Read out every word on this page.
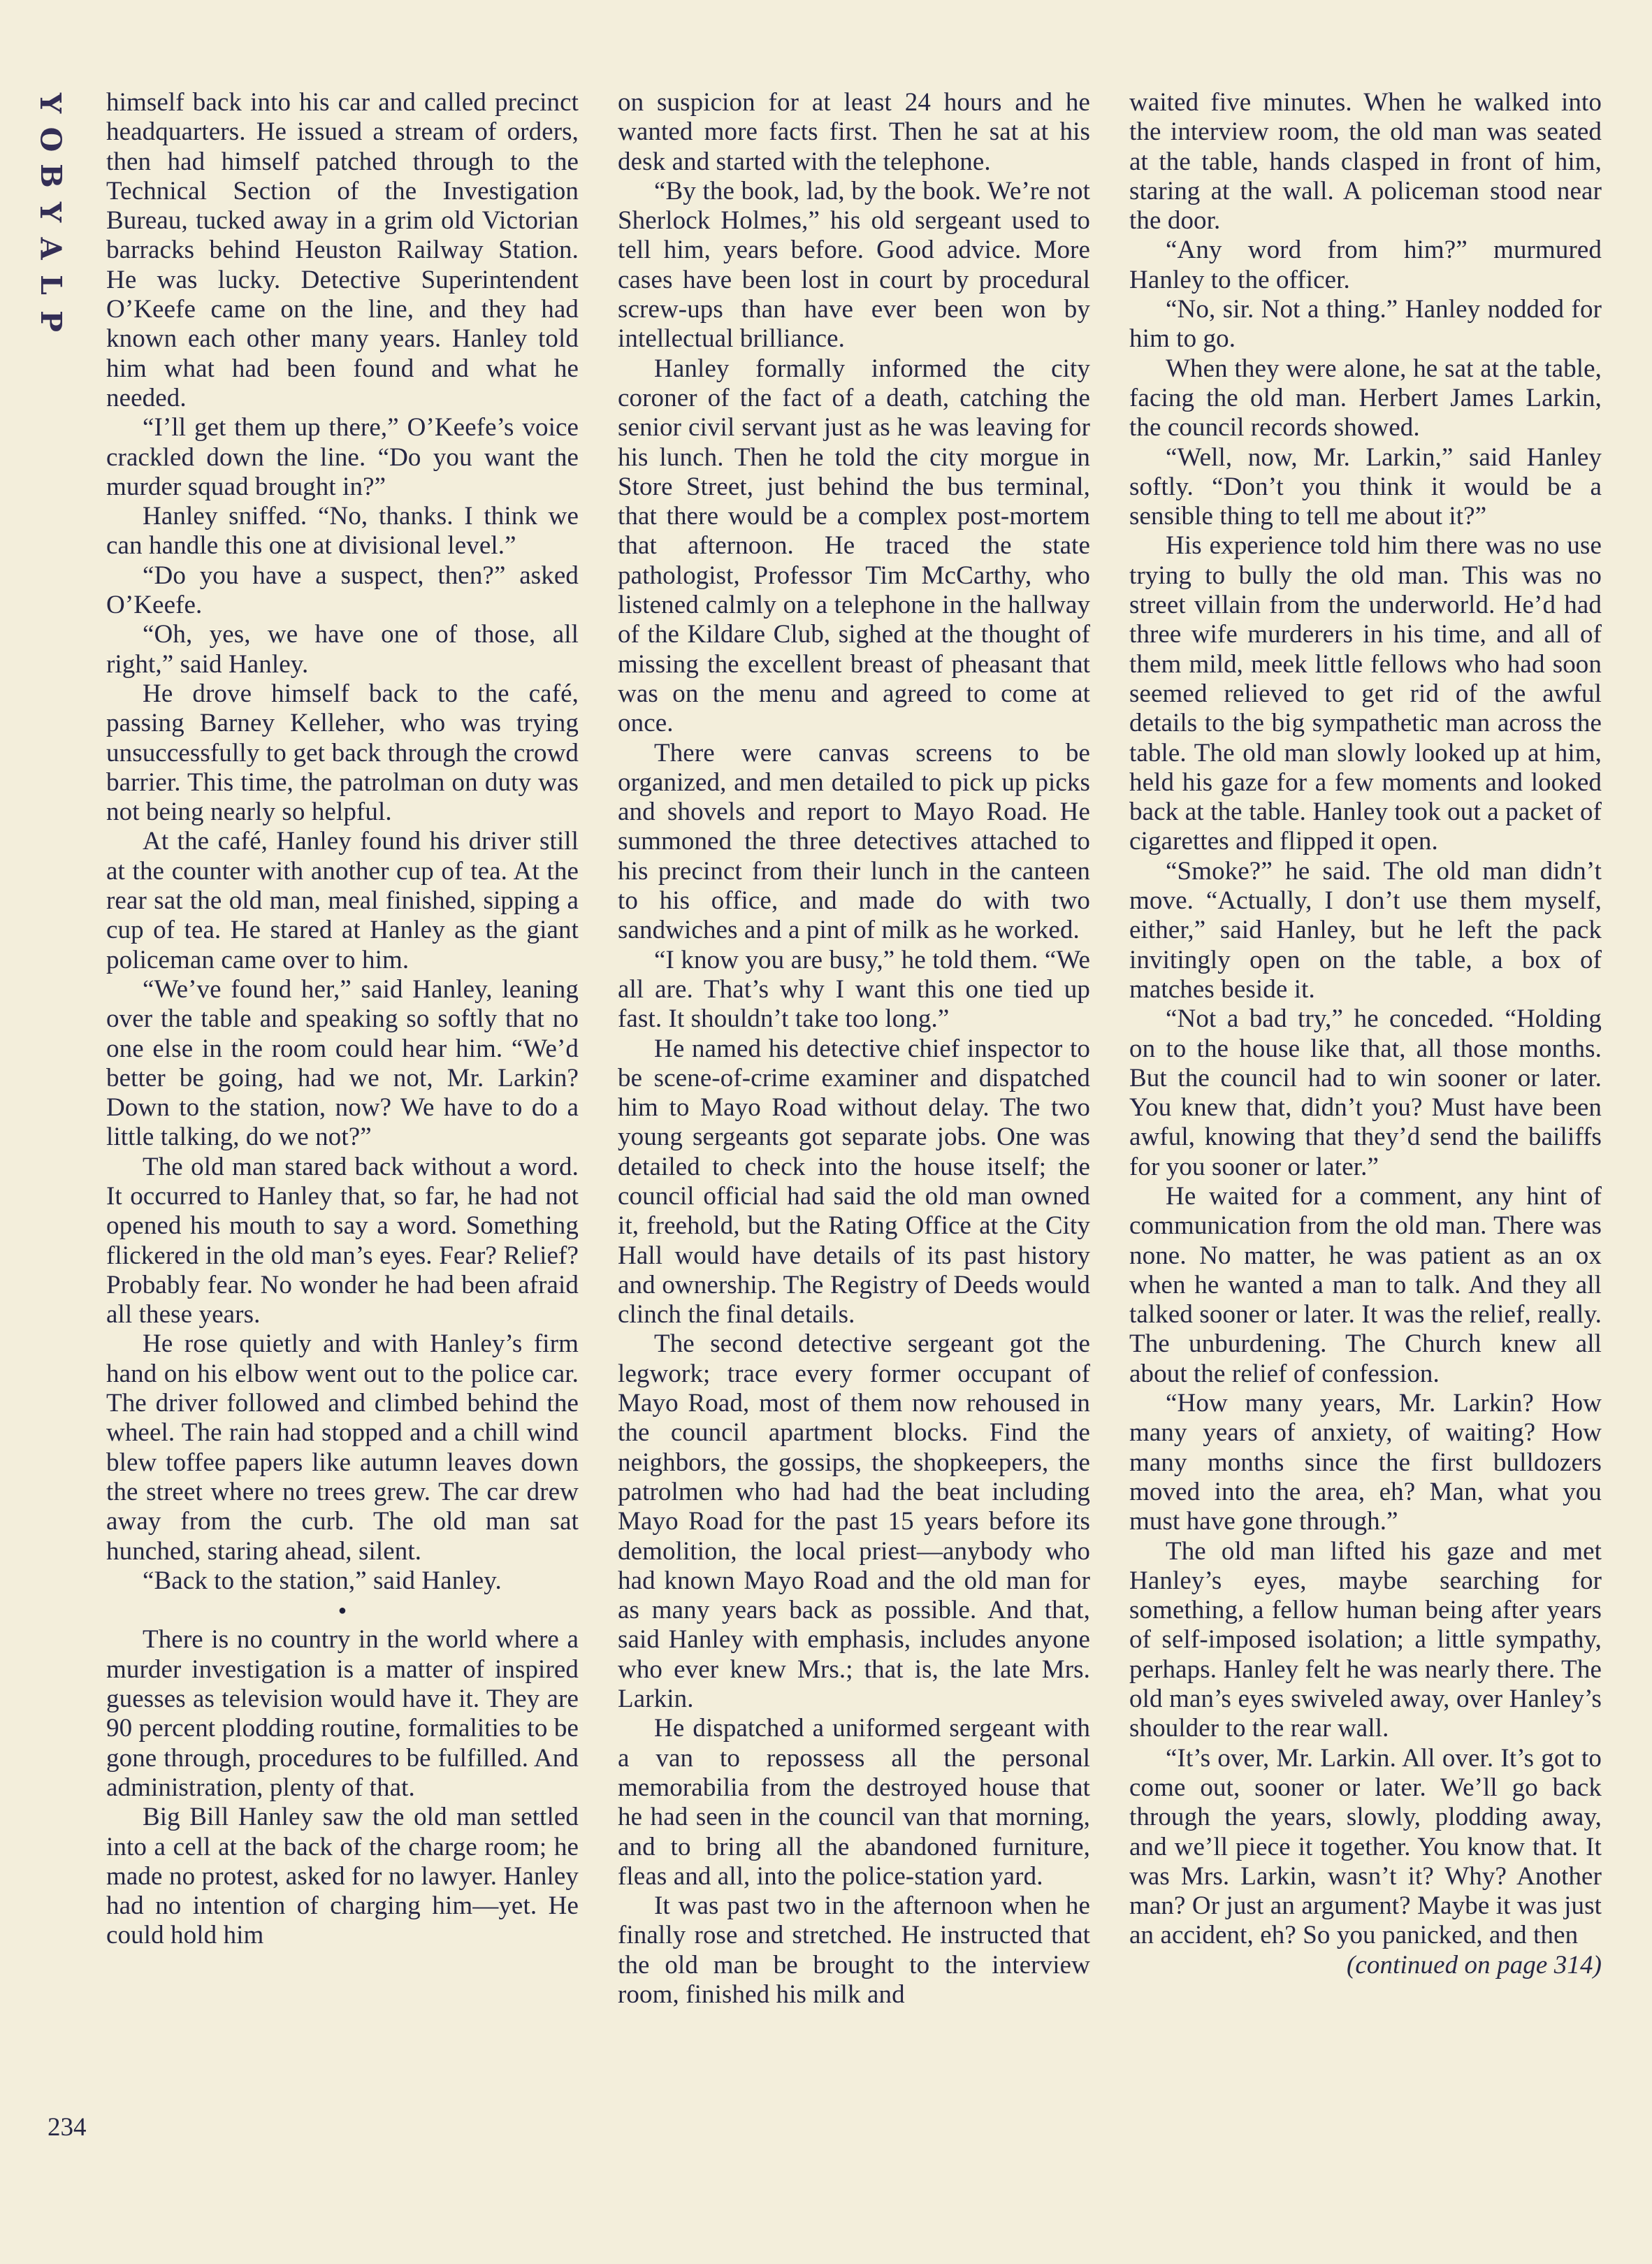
Y
O
B
Y
A
L
P

himself back into his car and called precinct headquarters. He issued a stream of orders, then had himself patched through to the Technical Section of the Investigation Bureau, tucked away in a grim old Victorian barracks behind Heuston Railway Station. He was lucky. Detective Superintendent O’Keefe came on the line, and they had known each other many years. Hanley told him what had been found and what he needed.

“I’ll get them up there,” O’Keefe’s voice crackled down the line. “Do you want the murder squad brought in?”

Hanley sniffed. “No, thanks. I think we can handle this one at divisional level.”

“Do you have a suspect, then?” asked O’Keefe.

“Oh, yes, we have one of those, all right,” said Hanley.

He drove himself back to the café, passing Barney Kelleher, who was trying unsuccessfully to get back through the crowd barrier. This time, the patrolman on duty was not being nearly so helpful.

At the café, Hanley found his driver still at the counter with another cup of tea. At the rear sat the old man, meal finished, sipping a cup of tea. He stared at Hanley as the giant policeman came over to him.

“We’ve found her,” said Hanley, leaning over the table and speaking so softly that no one else in the room could hear him. “We’d better be going, had we not, Mr. Larkin? Down to the station, now? We have to do a little talking, do we not?”

The old man stared back without a word. It occurred to Hanley that, so far, he had not opened his mouth to say a word. Something flickered in the old man’s eyes. Fear? Relief? Probably fear. No wonder he had been afraid all these years.

He rose quietly and with Hanley’s firm hand on his elbow went out to the police car. The driver followed and climbed behind the wheel. The rain had stopped and a chill wind blew toffee papers like autumn leaves down the street where no trees grew. The car drew away from the curb. The old man sat hunched, staring ahead, silent.

“Back to the station,” said Hanley.

●

There is no country in the world where a murder investigation is a matter of inspired guesses as television would have it. They are 90 percent plodding routine, formalities to be gone through, procedures to be fulfilled. And administration, plenty of that.

Big Bill Hanley saw the old man settled into a cell at the back of the charge room; he made no protest, asked for no lawyer. Hanley had no intention of charging him—yet. He could hold him

on suspicion for at least 24 hours and he wanted more facts first. Then he sat at his desk and started with the telephone.

“By the book, lad, by the book. We’re not Sherlock Holmes,” his old sergeant used to tell him, years before. Good advice. More cases have been lost in court by procedural screw-ups than have ever been won by intellectual brilliance.

Hanley formally informed the city coroner of the fact of a death, catching the senior civil servant just as he was leaving for his lunch. Then he told the city morgue in Store Street, just behind the bus terminal, that there would be a complex post-mortem that afternoon. He traced the state pathologist, Professor Tim McCarthy, who listened calmly on a telephone in the hallway of the Kildare Club, sighed at the thought of missing the excellent breast of pheasant that was on the menu and agreed to come at once.

There were canvas screens to be organized, and men detailed to pick up picks and shovels and report to Mayo Road. He summoned the three detectives attached to his precinct from their lunch in the canteen to his office, and made do with two sandwiches and a pint of milk as he worked.

“I know you are busy,” he told them. “We all are. That’s why I want this one tied up fast. It shouldn’t take too long.”

He named his detective chief inspector to be scene-of-crime examiner and dispatched him to Mayo Road without delay. The two young sergeants got separate jobs. One was detailed to check into the house itself; the council official had said the old man owned it, freehold, but the Rating Office at the City Hall would have details of its past history and ownership. The Registry of Deeds would clinch the final details.

The second detective sergeant got the legwork; trace every former occupant of Mayo Road, most of them now rehoused in the council apartment blocks. Find the neighbors, the gossips, the shopkeepers, the patrolmen who had had the beat including Mayo Road for the past 15 years before its demolition, the local priest—anybody who had known Mayo Road and the old man for as many years back as possible. And that, said Hanley with emphasis, includes anyone who ever knew Mrs.; that is, the late Mrs. Larkin.

He dispatched a uniformed sergeant with a van to repossess all the personal memorabilia from the destroyed house that he had seen in the council van that morning, and to bring all the abandoned furniture, fleas and all, into the police-station yard.

It was past two in the afternoon when he finally rose and stretched. He instructed that the old man be brought to the interview room, finished his milk and

waited five minutes. When he walked into the interview room, the old man was seated at the table, hands clasped in front of him, staring at the wall. A policeman stood near the door.

“Any word from him?” murmured Hanley to the officer.

“No, sir. Not a thing.” Hanley nodded for him to go.

When they were alone, he sat at the table, facing the old man. Herbert James Larkin, the council records showed.

“Well, now, Mr. Larkin,” said Hanley softly. “Don’t you think it would be a sensible thing to tell me about it?”

His experience told him there was no use trying to bully the old man. This was no street villain from the underworld. He’d had three wife murderers in his time, and all of them mild, meek little fellows who had soon seemed relieved to get rid of the awful details to the big sympathetic man across the table. The old man slowly looked up at him, held his gaze for a few moments and looked back at the table. Hanley took out a packet of cigarettes and flipped it open.

“Smoke?” he said. The old man didn’t move. “Actually, I don’t use them myself, either,” said Hanley, but he left the pack invitingly open on the table, a box of matches beside it.

“Not a bad try,” he conceded. “Holding on to the house like that, all those months. But the council had to win sooner or later. You knew that, didn’t you? Must have been awful, knowing that they’d send the bailiffs for you sooner or later.”

He waited for a comment, any hint of communication from the old man. There was none. No matter, he was patient as an ox when he wanted a man to talk. And they all talked sooner or later. It was the relief, really. The unburdening. The Church knew all about the relief of confession.

“How many years, Mr. Larkin? How many years of anxiety, of waiting? How many months since the first bulldozers moved into the area, eh? Man, what you must have gone through.”

The old man lifted his gaze and met Hanley’s eyes, maybe searching for something, a fellow human being after years of self-imposed isolation; a little sympathy, perhaps. Hanley felt he was nearly there. The old man’s eyes swiveled away, over Hanley’s shoulder to the rear wall.

“It’s over, Mr. Larkin. All over. It’s got to come out, sooner or later. We’ll go back through the years, slowly, plodding away, and we’ll piece it together. You know that. It was Mrs. Larkin, wasn’t it? Why? Another man? Or just an argument? Maybe it was just an accident, eh? So you panicked, and then

(continued on page 314)

234
